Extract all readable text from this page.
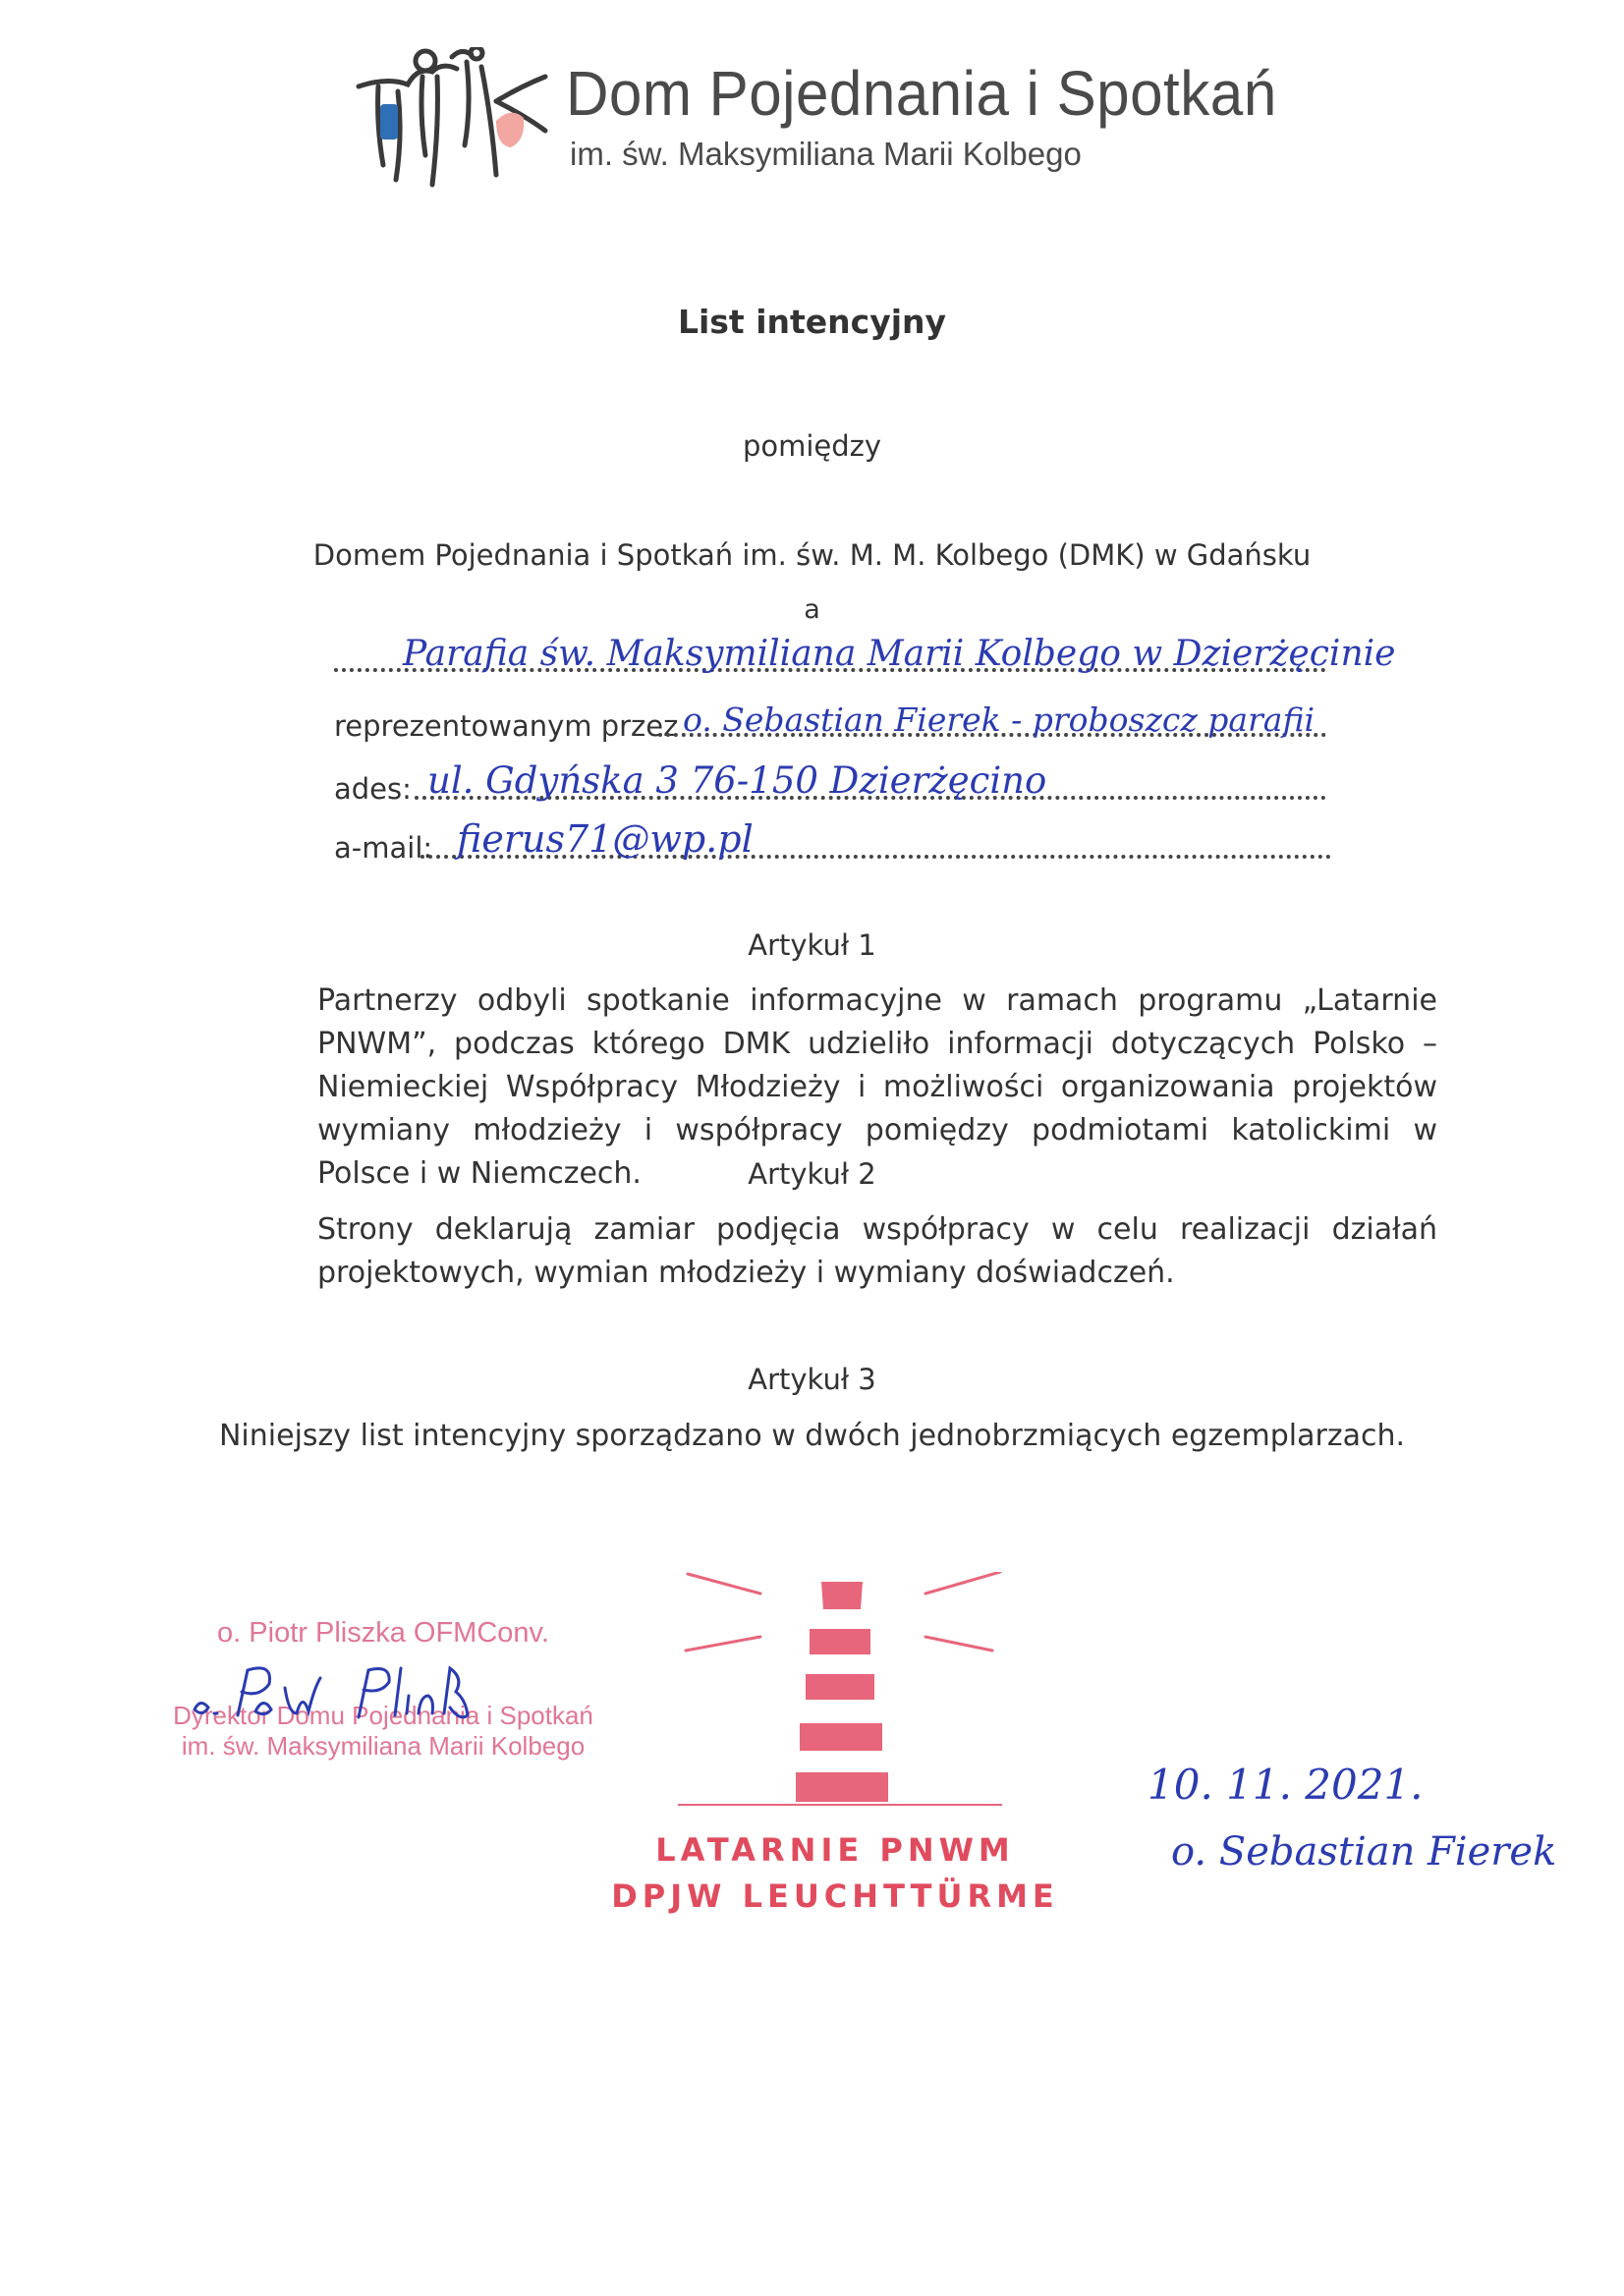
Dom Pojednania i Spotkań
im. św. Maksymiliana Marii Kolbego
List intencyjny
pomiędzy
Domem Pojednania i Spotkań im. św. M. M. Kolbego (DMK) w Gdańsku
a
Parafia św. Maksymiliana Marii Kolbego w Dzierżęcinie
reprezentowanym przez o. Sebastian Fierek - proboszcz parafii
ades: ul. Gdyńska 3 76-150 Dzierżęcino
a-mail: fierus71@wp.pl
Artykuł 1
Partnerzy odbyli spotkanie informacyjne w ramach programu „Latarnie PNWM”, podczas którego DMK udzieliło informacji dotyczących Polsko – Niemieckiej Współpracy Młodzieży i możliwości organizowania projektów wymiany młodzieży i współpracy pomiędzy podmiotami katolickimi w Polsce i w Niemczech.	Artykuł 2
Strony deklarują zamiar podjęcia współpracy w celu realizacji działań projektowych, wymian młodzieży i wymiany doświadczeń.
Artykuł 3
Niniejszy list intencyjny sporządzano w dwóch jednobrzmiących egzemplarzach.
o. Piotr Pliszka OFMConv.
Dyrektor Domu Pojednania i Spotkań
im. św. Maksymiliana Marii Kolbego
LATARNIE PNWM
DPJW LEUCHTTÜRME
10. 11. 2021.
o. Sebastian Fierek
